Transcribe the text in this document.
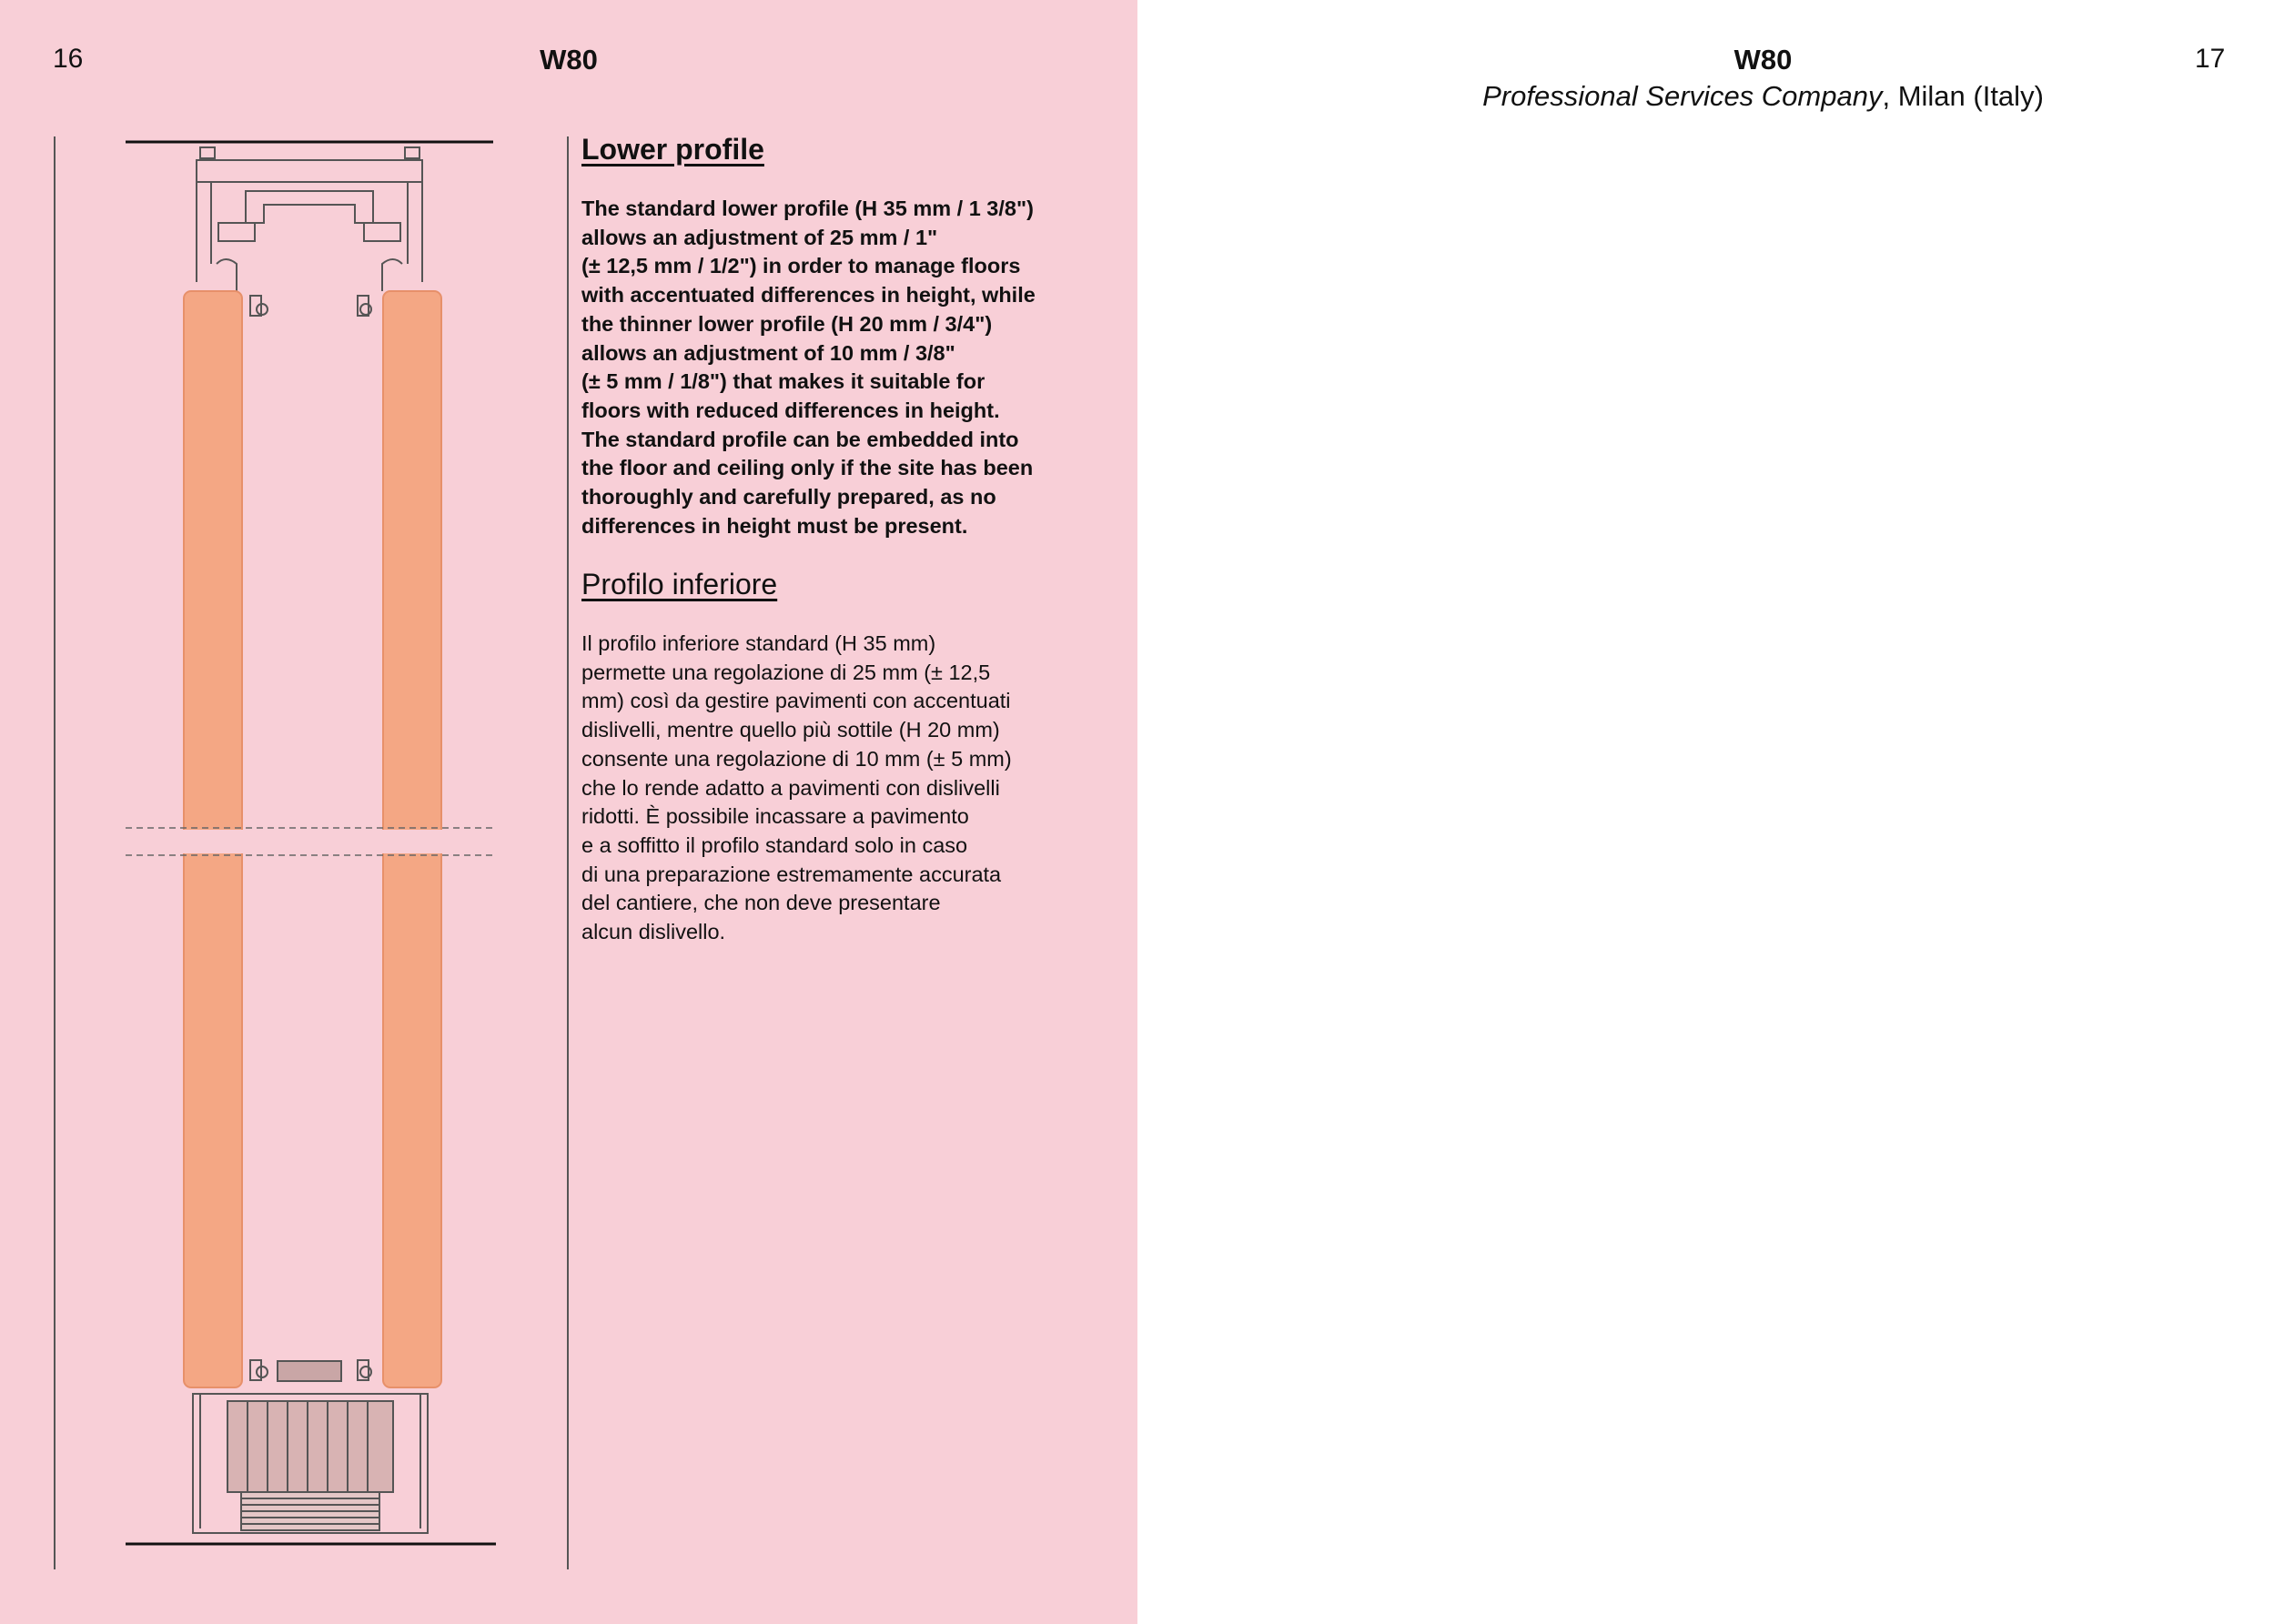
16	W80
Lower profile

The standard lower profile (H 35 mm / 1 3/8")
allows an adjustment of 25 mm / 1"
(± 12,5 mm / 1/2") in order to manage floors
with accentuated differences in height, while
the thinner lower profile (H 20 mm / 3/4")
allows an adjustment of 10 mm / 3/8"
(± 5 mm / 1/8") that makes it suitable for
floors with reduced differences in height.
The standard profile can be embedded into
the floor and ceiling only if the site has been
thoroughly and carefully prepared, as no
differences in height must be present.

Profilo inferiore

Il profilo inferiore standard (H 35 mm)
permette una regolazione di 25 mm (± 12,5
mm) così da gestire pavimenti con accentuati
dislivelli, mentre quello più sottile (H 20 mm)
consente una regolazione di 10 mm (± 5 mm)
che lo rende adatto a pavimenti con dislivelli
ridotti. È possibile incassare a pavimento
e a soffitto il profilo standard solo in caso
di una preparazione estremamente accurata
del cantiere, che non deve presentare
alcun dislivello.

W80
Professional Services Company, Milan (Italy)
17
